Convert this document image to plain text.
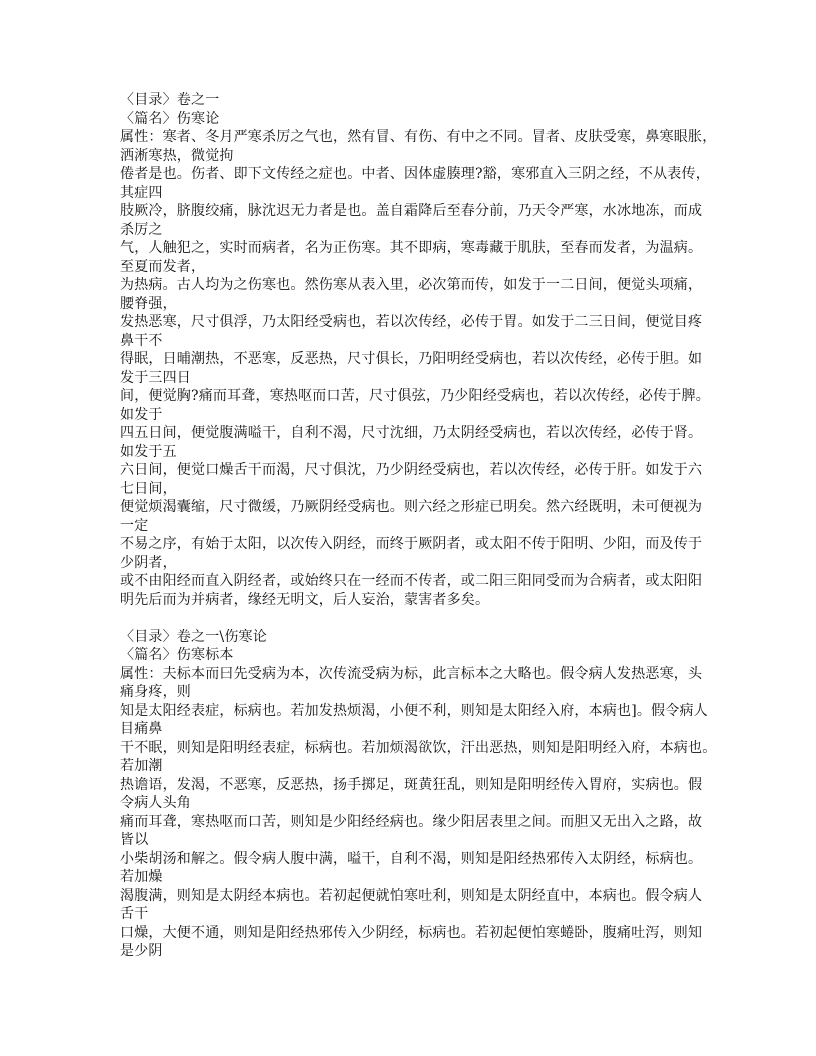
〈目录〉卷之一
〈篇名〉伤寒论
属性：寒者、冬月严寒杀厉之气也，然有冒、有伤、有中之不同。冒者、皮肤受寒，鼻寒眼胀，
洒淅寒热，微觉拘
倦者是也。伤者、即下文传经之症也。中者、因体虚腠理?豁，寒邪直入三阴之经，不从表传，
其症四
肢厥冷，脐腹绞痛，脉沈迟无力者是也。盖自霜降后至春分前，乃天令严寒，水冰地冻，而成
杀厉之
气，人触犯之，实时而病者，名为正伤寒。其不即病，寒毒藏于肌肤，至春而发者，为温病。
至夏而发者，
为热病。古人均为之伤寒也。然伤寒从表入里，必次第而传，如发于一二日间，便觉头项痛，
腰脊强，
发热恶寒，尺寸俱浮，乃太阳经受病也，若以次传经，必传于胃。如发于二三日间，便觉目疼
鼻干不
得眠，日晡潮热，不恶寒，反恶热，尺寸俱长，乃阳明经受病也，若以次传经，必传于胆。如
发于三四日
间，便觉胸?痛而耳聋，寒热呕而口苦，尺寸俱弦，乃少阳经受病也，若以次传经，必传于脾。
如发于
四五日间，便觉腹满嗌干，自利不渴，尺寸沈细，乃太阴经受病也，若以次传经，必传于肾。
如发于五
六日间，便觉口燥舌干而渴，尺寸俱沈，乃少阴经受病也，若以次传经，必传于肝。如发于六
七日间，
便觉烦渴囊缩，尺寸微缓，乃厥阴经受病也。则六经之形症已明矣。然六经既明，未可便视为
一定
不易之序，有始于太阳，以次传入阴经，而终于厥阴者，或太阳不传于阳明、少阳，而及传于
少阴者，
或不由阳经而直入阴经者，或始终只在一经而不传者，或二阳三阳同受而为合病者，或太阳阳
明先后而为并病者，缘经无明文，后人妄治，蒙害者多矣。
〈目录〉卷之一\伤寒论
〈篇名〉伤寒标本
属性：夫标本而曰先受病为本，次传流受病为标，此言标本之大略也。假令病人发热恶寒，头
痛身疼，则
知是太阳经表症，标病也。若加发热烦渴，小便不利，则知是太阳经入府，本病也]。假令病人
目痛鼻
干不眠，则知是阳明经表症，标病也。若加烦渴欲饮，汗出恶热，则知是阳明经入府，本病也。
若加潮
热谵语，发渴，不恶寒，反恶热，扬手掷足，斑黄狂乱，则知是阳明经传入胃府，实病也。假
令病人头角
痛而耳聋，寒热呕而口苦，则知是少阳经经病也。缘少阳居表里之间。而胆又无出入之路，故
皆以
小柴胡汤和解之。假令病人腹中满，嗌干，自利不渴，则知是阳经热邪传入太阴经，标病也。
若加燥
渴腹满，则知是太阴经本病也。若初起便就怕寒吐利，则知是太阴经直中，本病也。假令病人
舌干
口燥，大便不通，则知是阳经热邪传入少阴经，标病也。若初起便怕寒蜷卧，腹痛吐泻，则知
是少阴
